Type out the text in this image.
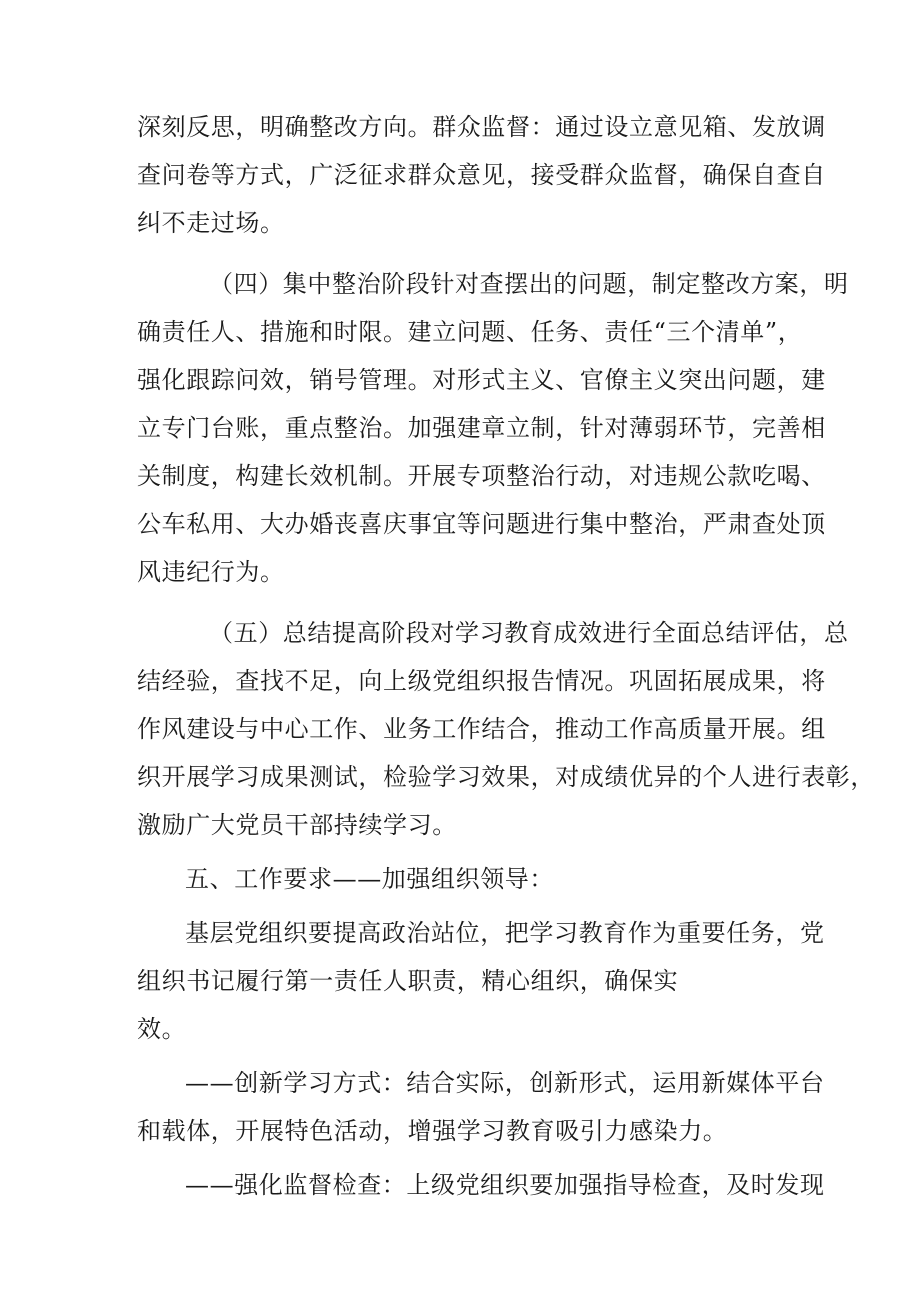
深刻反思，明确整改方向。群众监督：通过设立意见箱、发放调
查问卷等方式，广泛征求群众意见，接受群众监督，确保自查自
纠不走过场。
（四）集中整治阶段针对查摆出的问题，制定整改方案，明
确责任人、措施和时限。建立问题、任务、责任“三个清单”，
强化跟踪问效，销号管理。对形式主义、官僚主义突出问题，建
立专门台账，重点整治。加强建章立制，针对薄弱环节，完善相
关制度，构建长效机制。开展专项整治行动，对违规公款吃喝、
公车私用、大办婚丧喜庆事宜等问题进行集中整治，严肃查处顶
风违纪行为。
（五）总结提高阶段对学习教育成效进行全面总结评估，总
结经验，查找不足，向上级党组织报告情况。巩固拓展成果，将
作风建设与中心工作、业务工作结合，推动工作高质量开展。组
织开展学习成果测试，检验学习效果，对成绩优异的个人进行表彰，
激励广大党员干部持续学习。
五、工作要求——加强组织领导：
基层党组织要提高政治站位，把学习教育作为重要任务，党
组织书记履行第一责任人职责，精心组织，确保实
效。
——创新学习方式：结合实际，创新形式，运用新媒体平台
和载体，开展特色活动，增强学习教育吸引力感染力。
——强化监督检查：上级党组织要加强指导检查，及时发现
